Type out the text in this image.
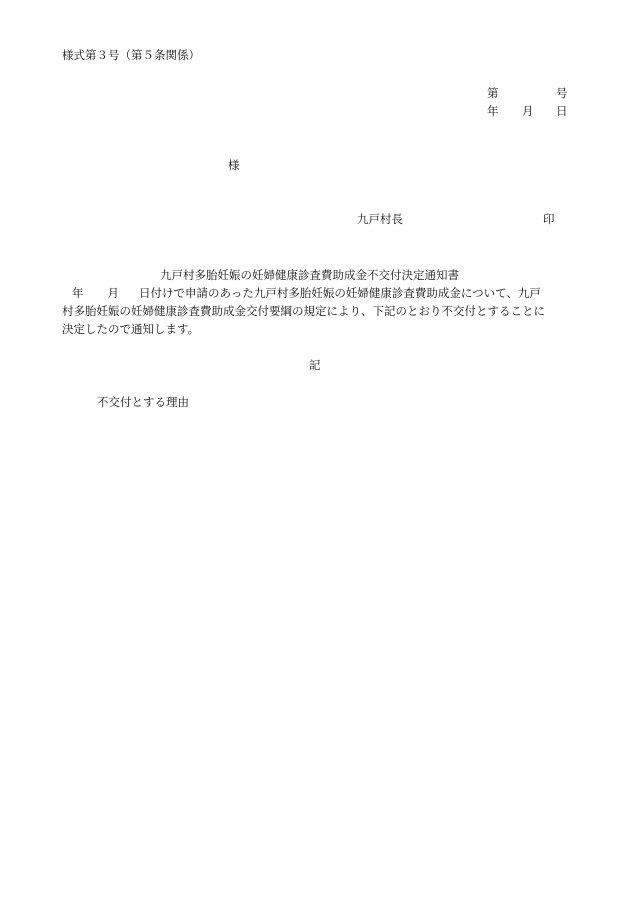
様式第３号（第５条関係）
第	号
年 月 日
様
九戸村長	印
九戸村多胎妊娠の妊婦健康診査費助成金不交付決定通知書
年 月 日付けで申請のあった九戸村多胎妊娠の妊婦健康診査費助成金について、九戸
村多胎妊娠の妊婦健康診査費助成金交付要綱の規定により、下記のとおり不交付とすることに
決定したので通知します。
記
不交付とする理由
